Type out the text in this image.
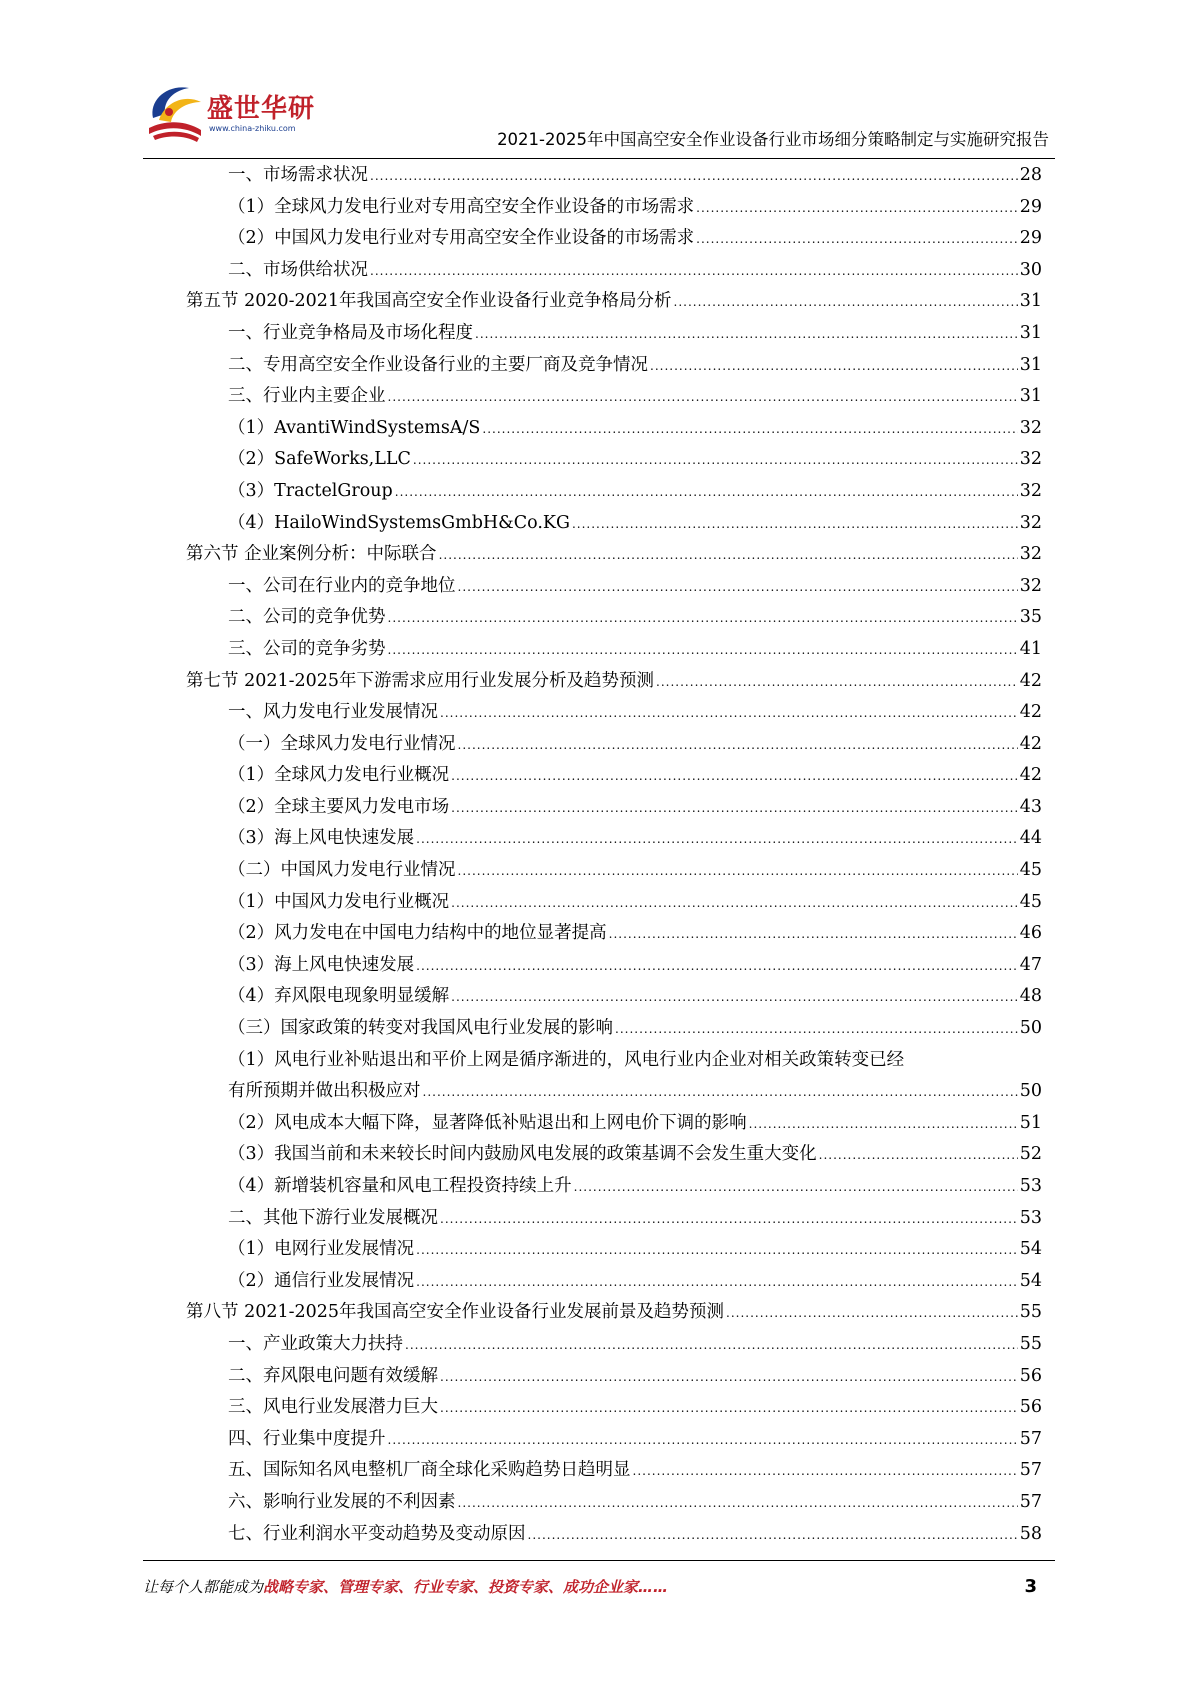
盛世华研
www.china-zhiku.com
2021-2025年中国高空安全作业设备行业市场细分策略制定与实施研究报告
一、市场需求状况 .....	28
（1）全球风力发电行业对专用高空安全作业设备的市场需求 .....	29
（2）中国风力发电行业对专用高空安全作业设备的市场需求 .....	29
二、市场供给状况 .....	30
第五节 2020-2021年我国高空安全作业设备行业竞争格局分析 .....	31
一、行业竞争格局及市场化程度 .....	31
二、专用高空安全作业设备行业的主要厂商及竞争情况 .....	31
三、行业内主要企业 .....	31
（1）AvantiWindSystemsA/S .....	32
（2）SafeWorks,LLC .....	32
（3）TractelGroup .....	32
（4）HailoWindSystemsGmbH&Co.KG .....	32
第六节 企业案例分析：中际联合 .....	32
一、公司在行业内的竞争地位 .....	32
二、公司的竞争优势 .....	35
三、公司的竞争劣势 .....	41
第七节 2021-2025年下游需求应用行业发展分析及趋势预测 .....	42
一、风力发电行业发展情况 .....	42
（一）全球风力发电行业情况 .....	42
（1）全球风力发电行业概况 .....	42
（2）全球主要风力发电市场 .....	43
（3）海上风电快速发展 .....	44
（二）中国风力发电行业情况 .....	45
（1）中国风力发电行业概况 .....	45
（2）风力发电在中国电力结构中的地位显著提高 .....	46
（3）海上风电快速发展 .....	47
（4）弃风限电现象明显缓解 .....	48
（三）国家政策的转变对我国风电行业发展的影响 .....	50
（1）风电行业补贴退出和平价上网是循序渐进的，风电行业内企业对相关政策转变已经
有所预期并做出积极应对 .....	50
（2）风电成本大幅下降，显著降低补贴退出和上网电价下调的影响 .....	51
（3）我国当前和未来较长时间内鼓励风电发展的政策基调不会发生重大变化 .....	52
（4）新增装机容量和风电工程投资持续上升 .....	53
二、其他下游行业发展概况 .....	53
（1）电网行业发展情况 .....	54
（2）通信行业发展情况 .....	54
第八节 2021-2025年我国高空安全作业设备行业发展前景及趋势预测 .....	55
一、产业政策大力扶持 .....	55
二、弃风限电问题有效缓解 .....	56
三、风电行业发展潜力巨大 .....	56
四、行业集中度提升 .....	57
五、国际知名风电整机厂商全球化采购趋势日趋明显 .....	57
六、影响行业发展的不利因素 .....	57
七、行业利润水平变动趋势及变动原因 .....	58
让每个人都能成为战略专家、管理专家、行业专家、投资专家、成功企业家……	3
